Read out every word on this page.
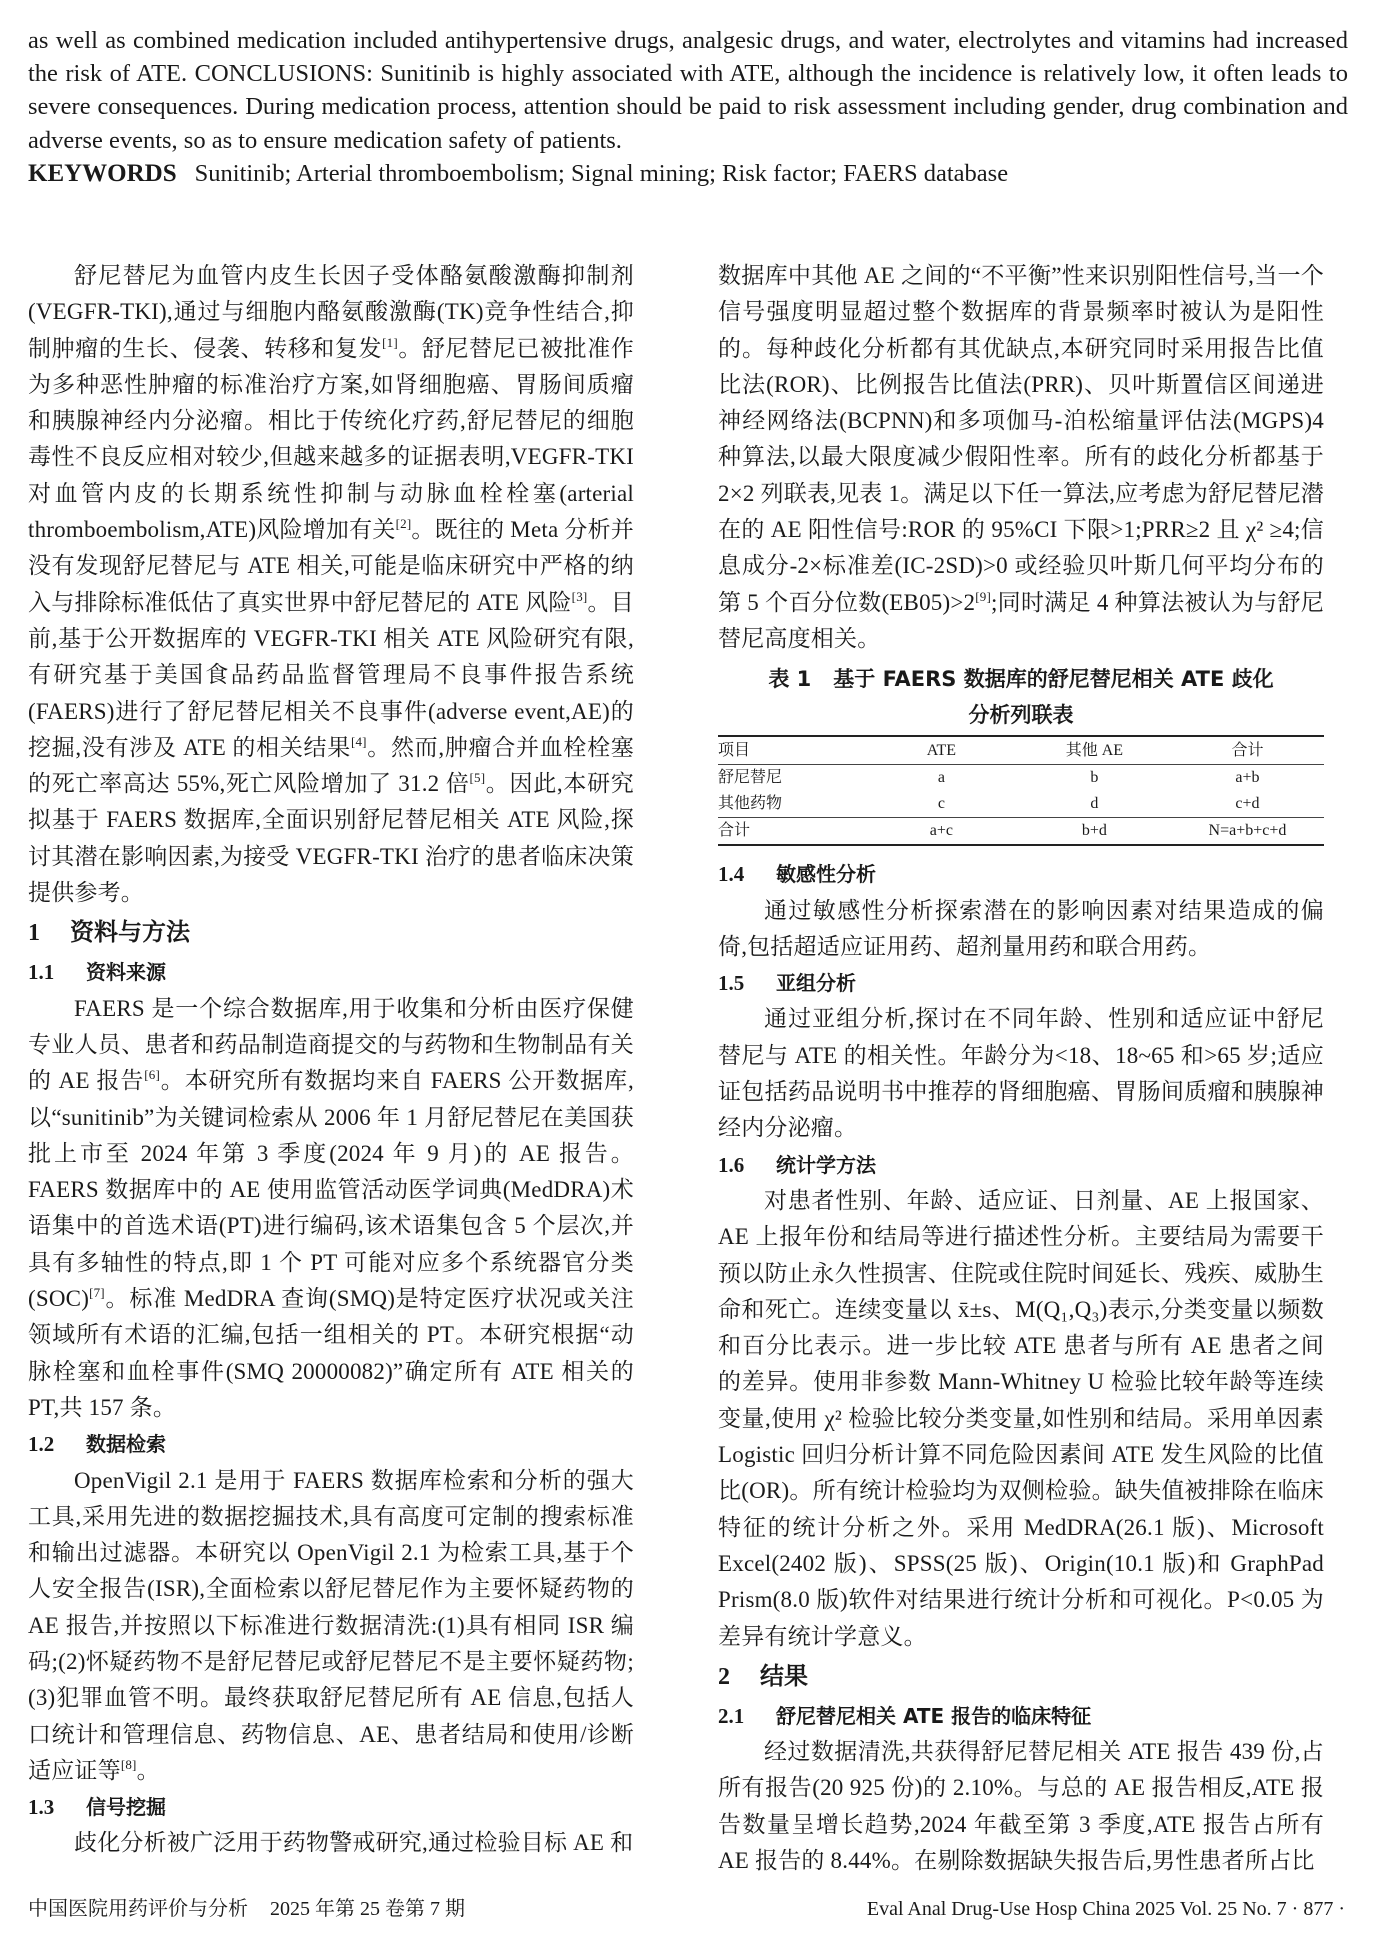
as well as combined medication included antihypertensive drugs, analgesic drugs, and water, electrolytes and vitamins had increased the risk of ATE. CONCLUSIONS: Sunitinib is highly associated with ATE, although the incidence is relatively low, it often leads to severe consequences. During medication process, attention should be paid to risk assessment including gender, drug combination and adverse events, so as to ensure medication safety of patients.
KEYWORDS Sunitinib; Arterial thromboembolism; Signal mining; Risk factor; FAERS database

舒尼替尼为血管内皮生长因子受体酪氨酸激酶抑制剂(VEGFR-TKI),通过与细胞内酪氨酸激酶(TK)竞争性结合,抑制肿瘤的生长、侵袭、转移和复发[1]。舒尼替尼已被批准作为多种恶性肿瘤的标准治疗方案,如肾细胞癌、胃肠间质瘤和胰腺神经内分泌瘤。相比于传统化疗药,舒尼替尼的细胞毒性不良反应相对较少,但越来越多的证据表明,VEGFR-TKI对血管内皮的长期系统性抑制与动脉血栓栓塞(arterial thromboembolism,ATE)风险增加有关[2]。既往的 Meta 分析并没有发现舒尼替尼与 ATE 相关,可能是临床研究中严格的纳入与排除标准低估了真实世界中舒尼替尼的 ATE 风险[3]。目前,基于公开数据库的 VEGFR-TKI 相关 ATE 风险研究有限,有研究基于美国食品药品监督管理局不良事件报告系统(FAERS)进行了舒尼替尼相关不良事件(adverse event,AE)的挖掘,没有涉及 ATE 的相关结果[4]。然而,肿瘤合并血栓栓塞的死亡率高达 55%,死亡风险增加了 31.2 倍[5]。因此,本研究拟基于 FAERS 数据库,全面识别舒尼替尼相关 ATE 风险,探讨其潜在影响因素,为接受 VEGFR-TKI 治疗的患者临床决策提供参考。

1 资料与方法
1.1 资料来源

FAERS 是一个综合数据库,用于收集和分析由医疗保健专业人员、患者和药品制造商提交的与药物和生物制品有关的 AE 报告[6]。本研究所有数据均来自 FAERS 公开数据库,以“sunitinib”为关键词检索从 2006 年 1 月舒尼替尼在美国获批上市至 2024 年第 3 季度(2024 年 9 月)的 AE 报告。FAERS 数据库中的 AE 使用监管活动医学词典(MedDRA)术语集中的首选术语(PT)进行编码,该术语集包含 5 个层次,并具有多轴性的特点,即 1 个 PT 可能对应多个系统器官分类(SOC)[7]。标准 MedDRA 查询(SMQ)是特定医疗状况或关注领域所有术语的汇编,包括一组相关的 PT。本研究根据“动脉栓塞和血栓事件(SMQ 20000082)”确定所有 ATE 相关的 PT,共 157 条。

1.2 数据检索

OpenVigil 2.1 是用于 FAERS 数据库检索和分析的强大工具,采用先进的数据挖掘技术,具有高度可定制的搜索标准和输出过滤器。本研究以 OpenVigil 2.1 为检索工具,基于个人安全报告(ISR),全面检索以舒尼替尼作为主要怀疑药物的 AE 报告,并按照以下标准进行数据清洗:(1)具有相同 ISR 编码;(2)怀疑药物不是舒尼替尼或舒尼替尼不是主要怀疑药物;(3)犯罪血管不明。最终获取舒尼替尼所有 AE 信息,包括人口统计和管理信息、药物信息、AE、患者结局和使用/诊断适应证等[8]。

1.3 信号挖掘

歧化分析被广泛用于药物警戒研究,通过检验目标 AE 和

数据库中其他 AE 之间的“不平衡”性来识别阳性信号,当一个信号强度明显超过整个数据库的背景频率时被认为是阳性的。每种歧化分析都有其优缺点,本研究同时采用报告比值比法(ROR)、比例报告比值法(PRR)、贝叶斯置信区间递进神经网络法(BCPNN)和多项伽马-泊松缩量评估法(MGPS)4 种算法,以最大限度减少假阳性率。所有的歧化分析都基于 2×2 列联表,见表 1。满足以下任一算法,应考虑为舒尼替尼潜在的 AE 阳性信号:ROR 的 95%CI 下限>1;PRR≥2 且 χ² ≥4;信息成分-2×标准差(IC-2SD)>0 或经验贝叶斯几何平均分布的第 5 个百分位数(EB05)>2[9];同时满足 4 种算法被认为与舒尼替尼高度相关。

表 1 基于 FAERS 数据库的舒尼替尼相关 ATE 歧化
分析列联表
项目	ATE	其他 AE	合计
舒尼替尼	a	b	a+b
其他药物	c	d	c+d
合计	a+c	b+d	N=a+b+c+d
1.4 敏感性分析

通过敏感性分析探索潜在的影响因素对结果造成的偏倚,包括超适应证用药、超剂量用药和联合用药。

1.5 亚组分析

通过亚组分析,探讨在不同年龄、性别和适应证中舒尼替尼与 ATE 的相关性。年龄分为<18、18~65 和>65 岁;适应证包括药品说明书中推荐的肾细胞癌、胃肠间质瘤和胰腺神经内分泌瘤。

1.6 统计学方法

对患者性别、年龄、适应证、日剂量、AE 上报国家、AE 上报年份和结局等进行描述性分析。主要结局为需要干预以防止永久性损害、住院或住院时间延长、残疾、威胁生命和死亡。连续变量以 x̄±s、M(Q₁,Q₃)表示,分类变量以频数和百分比表示。进一步比较 ATE 患者与所有 AE 患者之间的差异。使用非参数 Mann-Whitney U 检验比较年龄等连续变量,使用 χ² 检验比较分类变量,如性别和结局。采用单因素 Logistic 回归分析计算不同危险因素间 ATE 发生风险的比值比(OR)。所有统计检验均为双侧检验。缺失值被排除在临床特征的统计分析之外。采用 MedDRA(26.1 版)、Microsoft Excel(2402 版)、SPSS(25 版)、Origin(10.1 版)和 GraphPad Prism(8.0 版)软件对结果进行统计分析和可视化。P<0.05 为差异有统计学意义。

2 结果
2.1 舒尼替尼相关 ATE 报告的临床特征

经过数据清洗,共获得舒尼替尼相关 ATE 报告 439 份,占所有报告(20 925 份)的 2.10%。与总的 AE 报告相反,ATE 报告数量呈增长趋势,2024 年截至第 3 季度,ATE 报告占所有 AE 报告的 8.44%。在剔除数据缺失报告后,男性患者所占比

中国医院用药评价与分析 2025 年第 25 卷第 7 期	Eval Anal Drug-Use Hosp China 2025 Vol. 25 No. 7 · 877 ·
